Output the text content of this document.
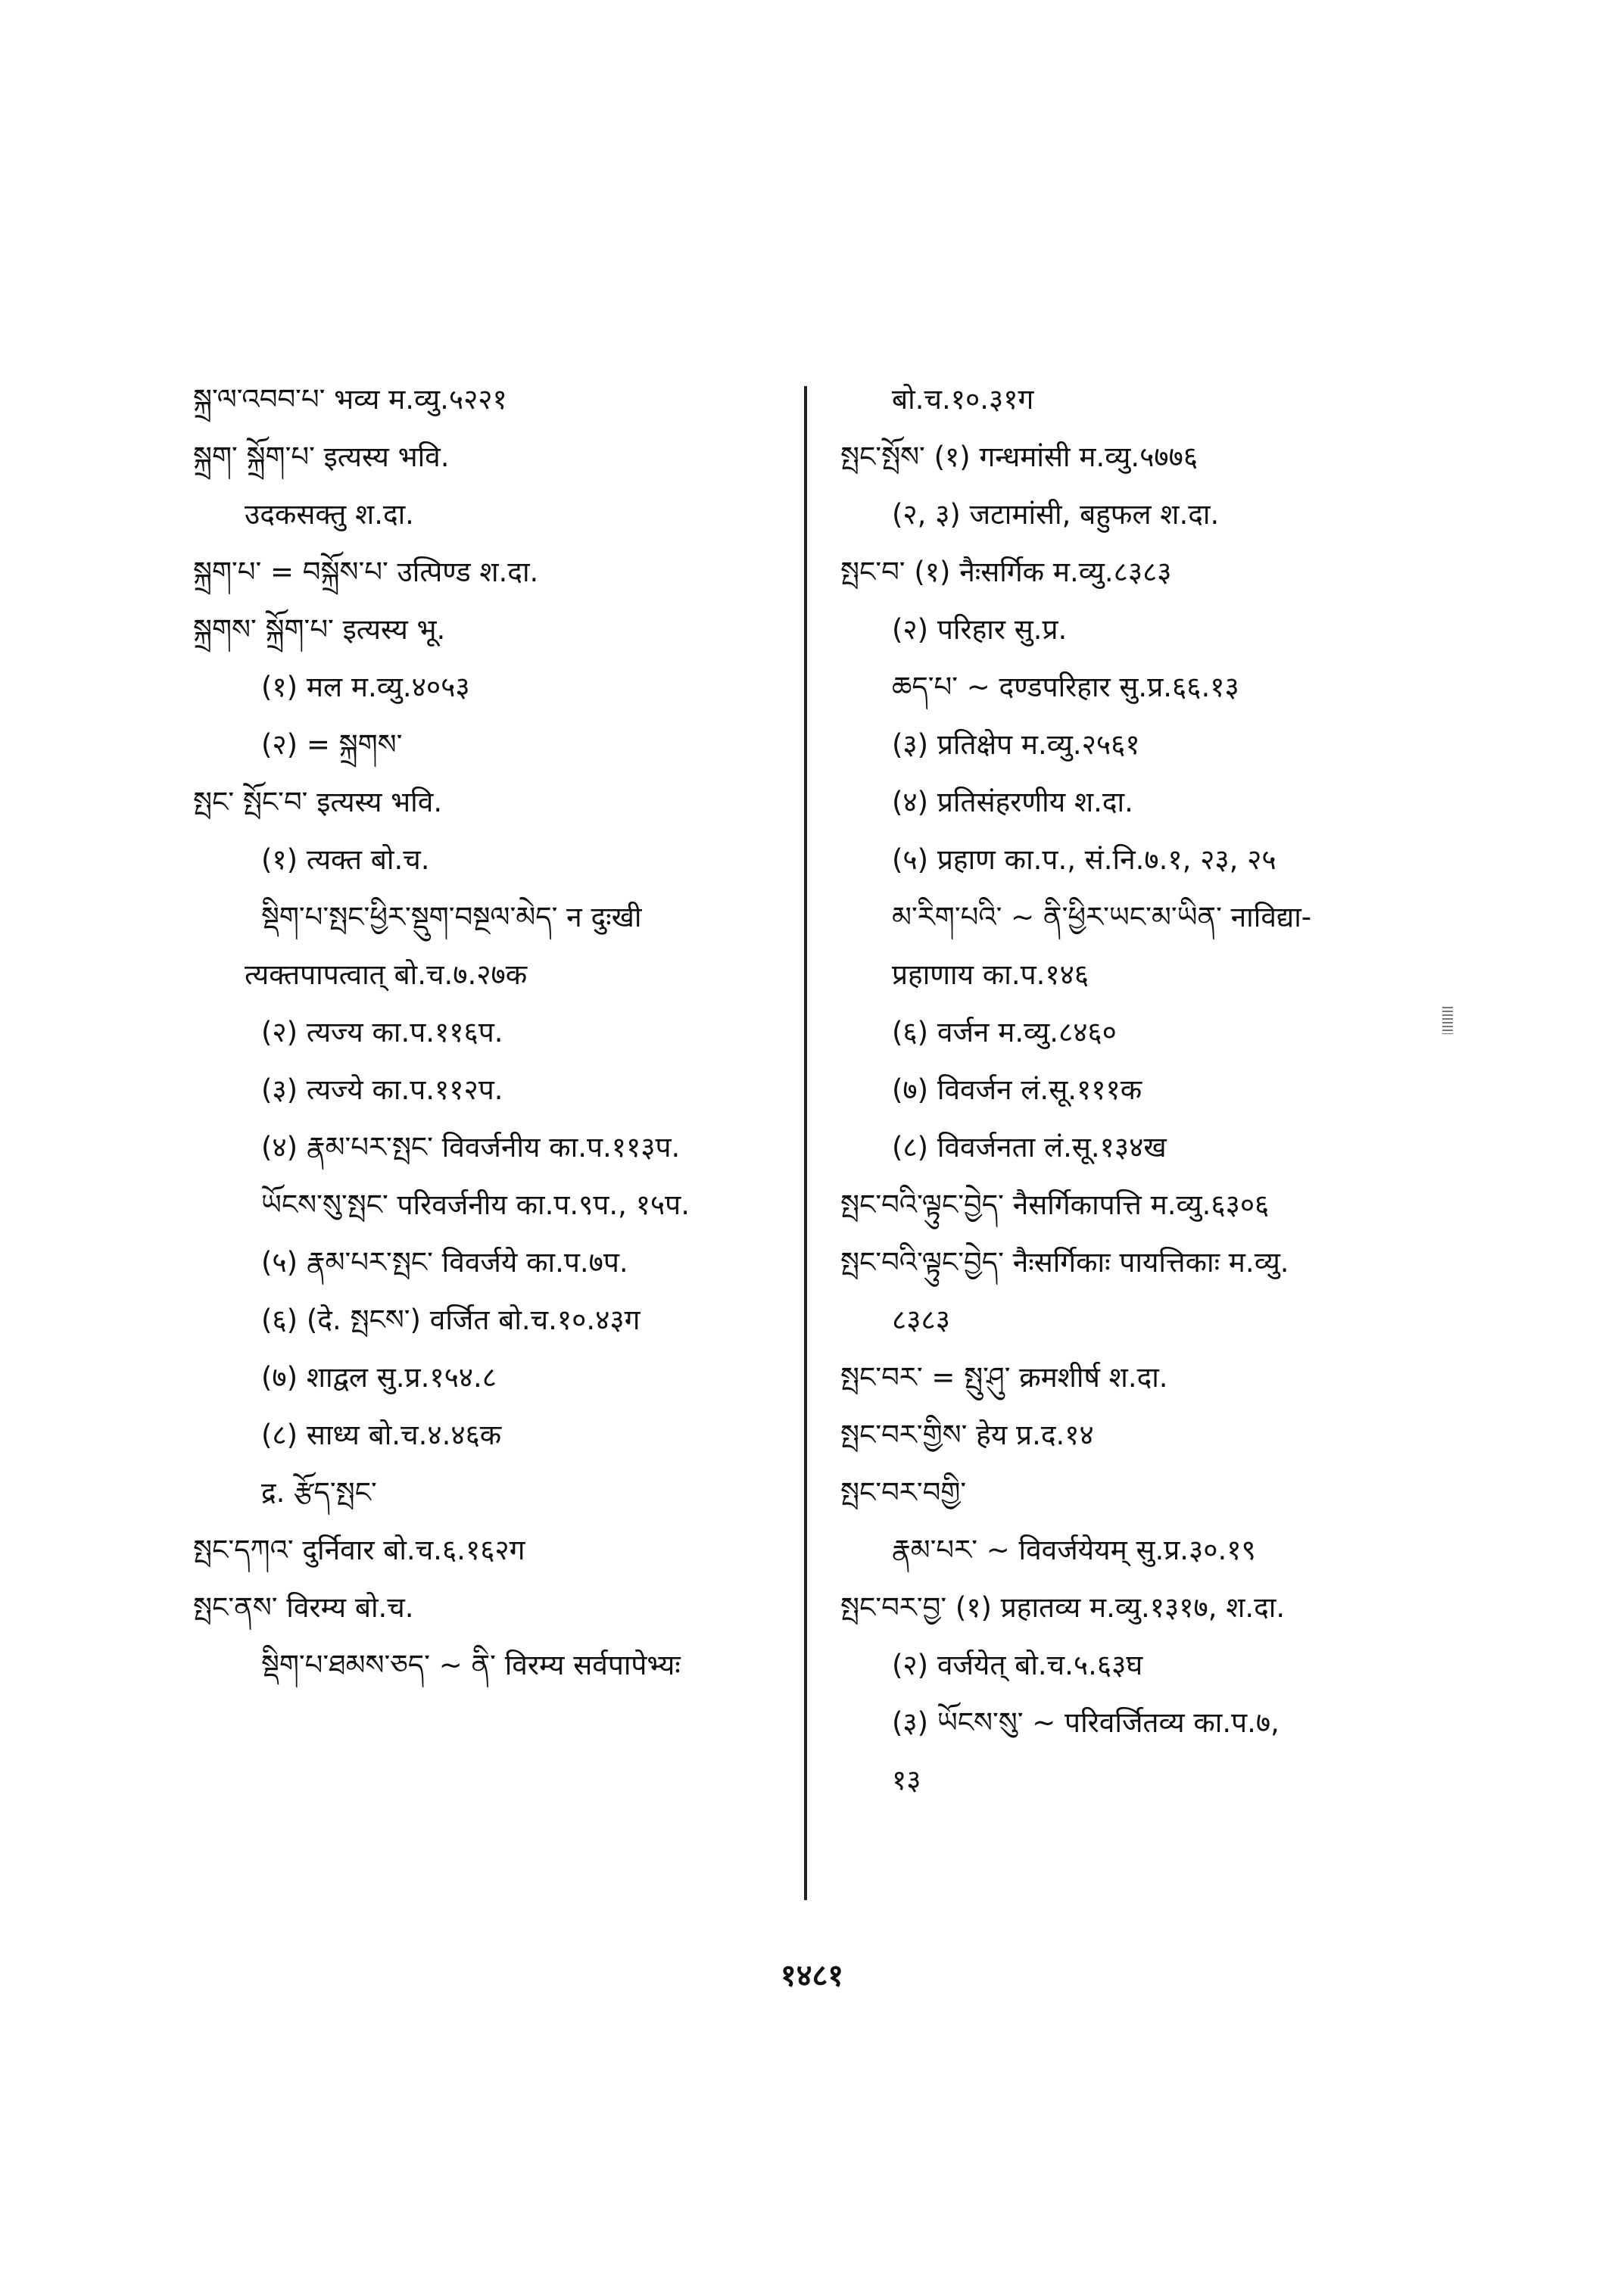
སྐྲ་ལ་འབབ་པ་ भव्य म.व्यु.५२२१
སྐྲག་ སྐྲོག་པ་ इत्यस्य भवि.
उदकसक्तु श.दा.
སྐྲག་པ་ = བསྐྲོས་པ་ उत्पिण्ड श.दा.
སྐྲགས་ སྐྲོག་པ་ इत्यस्य भू.
(१) मल म.व्यु.४०५३
(२) = སྐྲགས་
སྤང་ སྤོང་བ་ इत्यस्य भवि.
(१) त्यक्त बो.च.
སྡིག་པ་སྤང་ཕྱིར་སྡུག་བསྔལ་མེད་ न दुःखी
त्यक्तपापत्वात् बो.च.७.२७क
(२) त्यज्य का.प.११६प.
(३) त्यज्ये का.प.११२प.
(४) རྣམ་པར་སྤང་ विवर्जनीय का.प.११३प.
ཡོངས་སུ་སྤང་ परिवर्जनीय का.प.९प., १५प.
(५) རྣམ་པར་སྤང་ विवर्जये का.प.७प.
(६) (दे. སྤངས་) वर्जित बो.च.१०.४३ग
(७) शाद्वल सु.प्र.१५४.८
(८) साध्य बो.च.४.४६क
द्र. རྩོད་སྤང་
སྤང་དཀའ་ दुर्निवार बो.च.६.१६२ग
སྤང་ནས་ विरम्य बो.च.
སྡིག་པ་ཐམས་ཅད་ ~ ནི་ विरम्य सर्वपापेभ्यः
बो.च.१०.३१ग
སྤང་སྤོས་ (१) गन्धमांसी म.व्यु.५७७६
(२, ३) जटामांसी, बहुफल श.दा.
སྤང་བ་ (१) नैःसर्गिक म.व्यु.८३८३
(२) परिहार सु.प्र.
ཆད་པ་ ~ दण्डपरिहार सु.प्र.६६.१३
(३) प्रतिक्षेप म.व्यु.२५६१
(४) प्रतिसंहरणीय श.दा.
(५) प्रहाण का.प., सं.नि.७.१, २३, २५
མ་རིག་པའི་ ~ ནི་ཕྱིར་ཡང་མ་ཡིན་ नाविद्या-
प्रहाणाय का.प.१४६
(६) वर्जन म.व्यु.८४६०
(७) विवर्जन लं.सू.१११क
(८) विवर्जनता लं.सू.१३४ख
སྤང་བའི་ལྟུང་བྱེད་ नैसर्गिकापत्ति म.व्यु.६३०६
སྤང་བའི་ལྟུང་བྱེད་ नैःसर्गिकाः पायत्तिकाः म.व्यु.
८३८३
སྤང་བར་ = སྤུ་ཤུ་ क्रमशीर्ष श.दा.
སྤང་བར་གྱིས་ हेय प्र.द.१४
སྤང་བར་བགྱི་
རྣམ་པར་ ~ विवर्जयेयम् सु.प्र.३०.१९
སྤང་བར་བྱ་ (१) प्रहातव्य म.व्यु.१३१७, श.दा.
(२) वर्जयेत् बो.च.५.६३घ
(३) ཡོངས་སུ་ ~ परिवर्जितव्य का.प.७,
१३
१४८१
